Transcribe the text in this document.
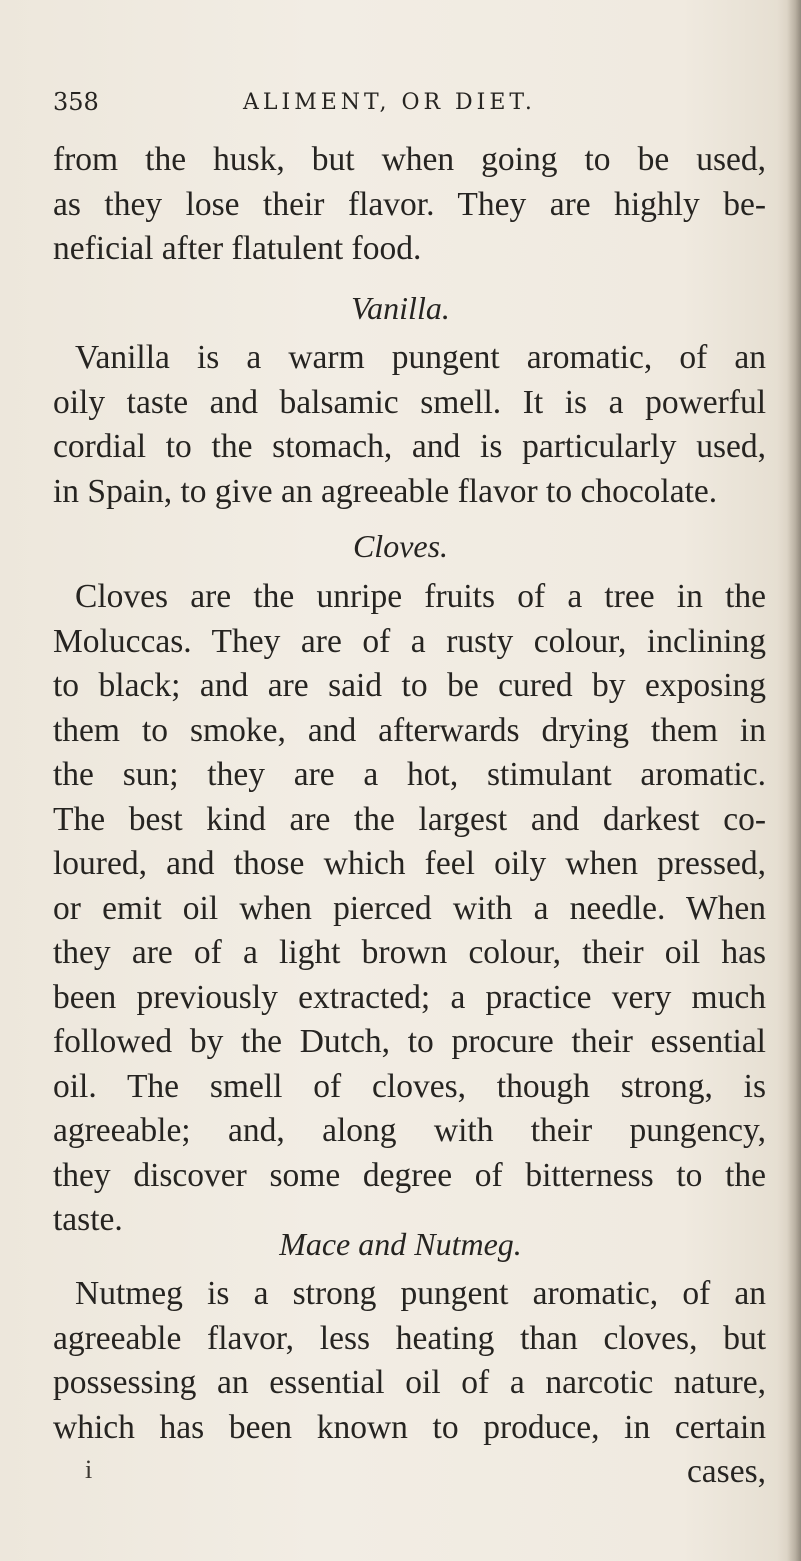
358	ALIMENT, OR DIET.
from the husk, but when going to be used,
as they lose their flavor. They are highly be-
neficial after flatulent food.
Vanilla.
Vanilla is a warm pungent aromatic, of an
oily taste and balsamic smell. It is a powerful
cordial to the stomach, and is particularly used,
in Spain, to give an agreeable flavor to chocolate.
Cloves.
Cloves are the unripe fruits of a tree in the
Moluccas. They are of a rusty colour, inclining
to black; and are said to be cured by exposing
them to smoke, and afterwards drying them in
the sun; they are a hot, stimulant aromatic.
The best kind are the largest and darkest co-
loured, and those which feel oily when pressed,
or emit oil when pierced with a needle. When
they are of a light brown colour, their oil has
been previously extracted; a practice very much
followed by the Dutch, to procure their essential
oil. The smell of cloves, though strong, is
agreeable; and, along with their pungency,
they discover some degree of bitterness to the
taste.
Mace and Nutmeg.
Nutmeg is a strong pungent aromatic, of an
agreeable flavor, less heating than cloves, but
possessing an essential oil of a narcotic nature,
which has been known to produce, in certain
cases,
i
